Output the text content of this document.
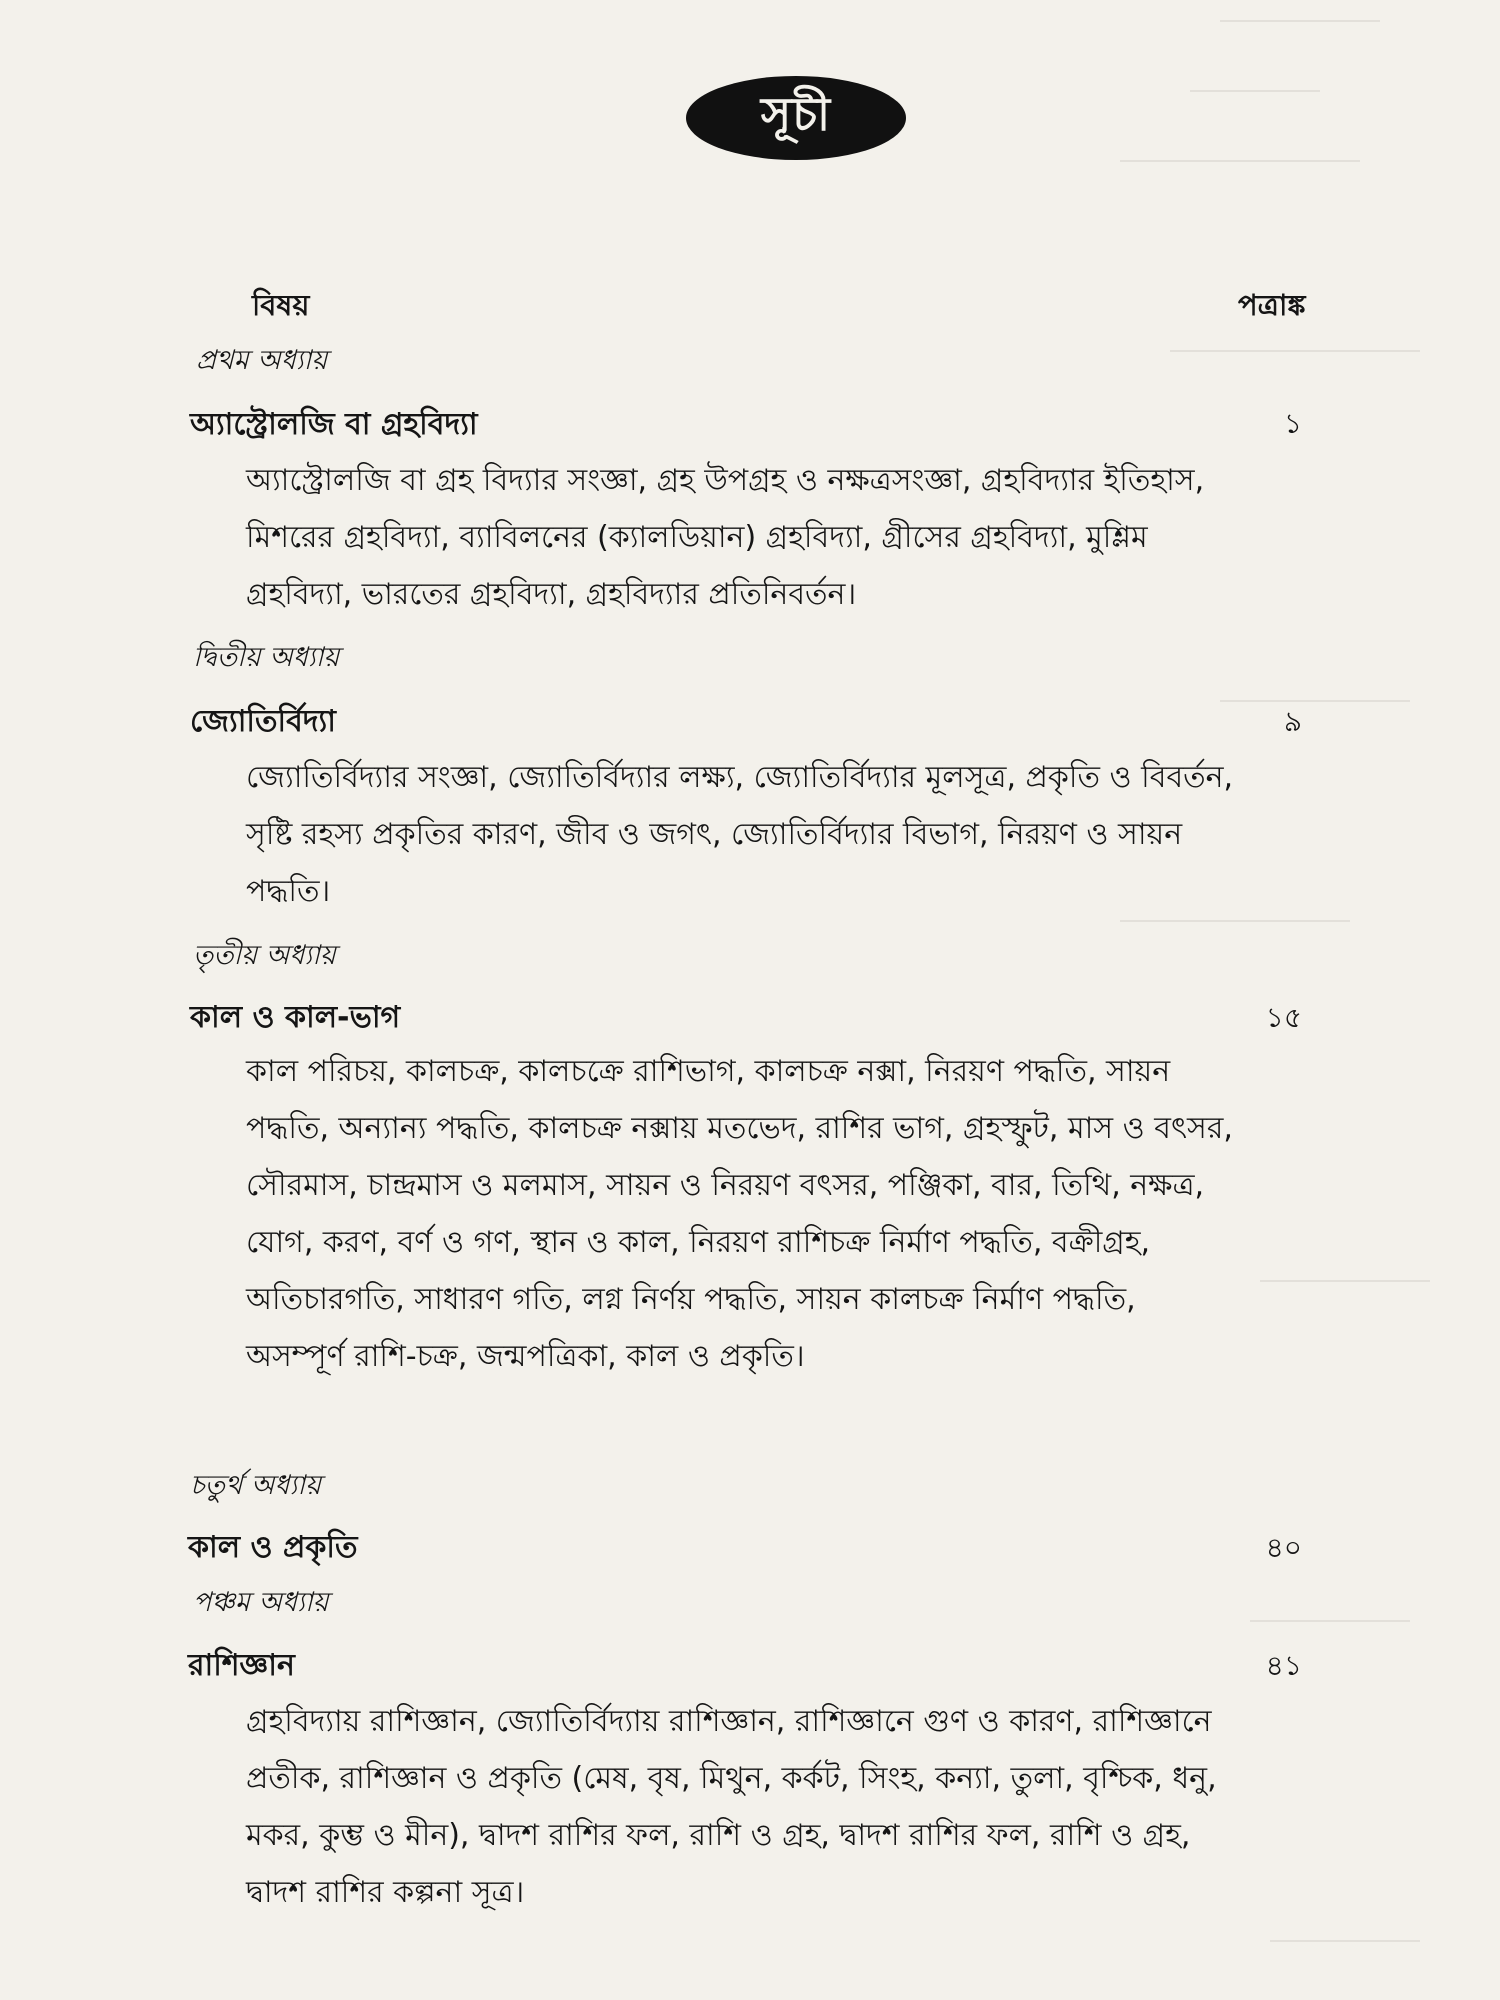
সূচী
বিষয়	পত্রাঙ্ক
প্রথম অধ্যায়
অ্যাস্ট্রোলজি বা গ্রহবিদ্যা	১

অ্যাস্ট্রোলজি বা গ্রহ বিদ্যার সংজ্ঞা, গ্রহ উপগ্রহ ও নক্ষত্রসংজ্ঞা, গ্রহবিদ্যার ইতিহাস, মিশরের গ্রহবিদ্যা, ব্যাবিলনের (ক্যালডিয়ান) গ্রহবিদ্যা, গ্রীসের গ্রহবিদ্যা, মুশ্লিম গ্রহবিদ্যা, ভারতের গ্রহবিদ্যা, গ্রহবিদ্যার প্রতিনিবর্তন।

দ্বিতীয় অধ্যায়
জ্যোতির্বিদ্যা	৯

জ্যোতির্বিদ্যার সংজ্ঞা, জ্যোতির্বিদ্যার লক্ষ্য, জ্যোতির্বিদ্যার মূলসূত্র, প্রকৃতি ও বিবর্তন, সৃষ্টি রহস্য প্রকৃতির কারণ, জীব ও জগৎ, জ্যোতির্বিদ্যার বিভাগ, নিরয়ণ ও সায়ন পদ্ধতি।

তৃতীয় অধ্যায়
কাল ও কাল-ভাগ	১৫

কাল পরিচয়, কালচক্র, কালচক্রে রাশিভাগ, কালচক্র নক্সা, নিরয়ণ পদ্ধতি, সায়ন পদ্ধতি, অন্যান্য পদ্ধতি, কালচক্র নক্সায় মতভেদ, রাশির ভাগ, গ্রহস্ফুট, মাস ও বৎসর, সৌরমাস, চান্দ্রমাস ও মলমাস, সায়ন ও নিরয়ণ বৎসর, পঞ্জিকা, বার, তিথি, নক্ষত্র, যোগ, করণ, বর্ণ ও গণ, স্থান ও কাল, নিরয়ণ রাশিচক্র নির্মাণ পদ্ধতি, বক্রীগ্রহ, অতিচারগতি, সাধারণ গতি, লগ্ন নির্ণয় পদ্ধতি, সায়ন কালচক্র নির্মাণ পদ্ধতি, অসম্পূর্ণ রাশি-চক্র, জন্মপত্রিকা, কাল ও প্রকৃতি।

চতুর্থ অধ্যায়
কাল ও প্রকৃতি	৪০
পঞ্চম অধ্যায়
রাশিজ্ঞান	৪১

গ্রহবিদ্যায় রাশিজ্ঞান, জ্যোতির্বিদ্যায় রাশিজ্ঞান, রাশিজ্ঞানে গুণ ও কারণ, রাশিজ্ঞানে প্রতীক, রাশিজ্ঞান ও প্রকৃতি (মেষ, বৃষ, মিথুন, কর্কট, সিংহ, কন্যা, তুলা, বৃশ্চিক, ধনু, মকর, কুম্ভ ও মীন), দ্বাদশ রাশির ফল, রাশি ও গ্রহ, দ্বাদশ রাশির ফল, রাশি ও গ্রহ, দ্বাদশ রাশির কল্পনা সূত্র।
